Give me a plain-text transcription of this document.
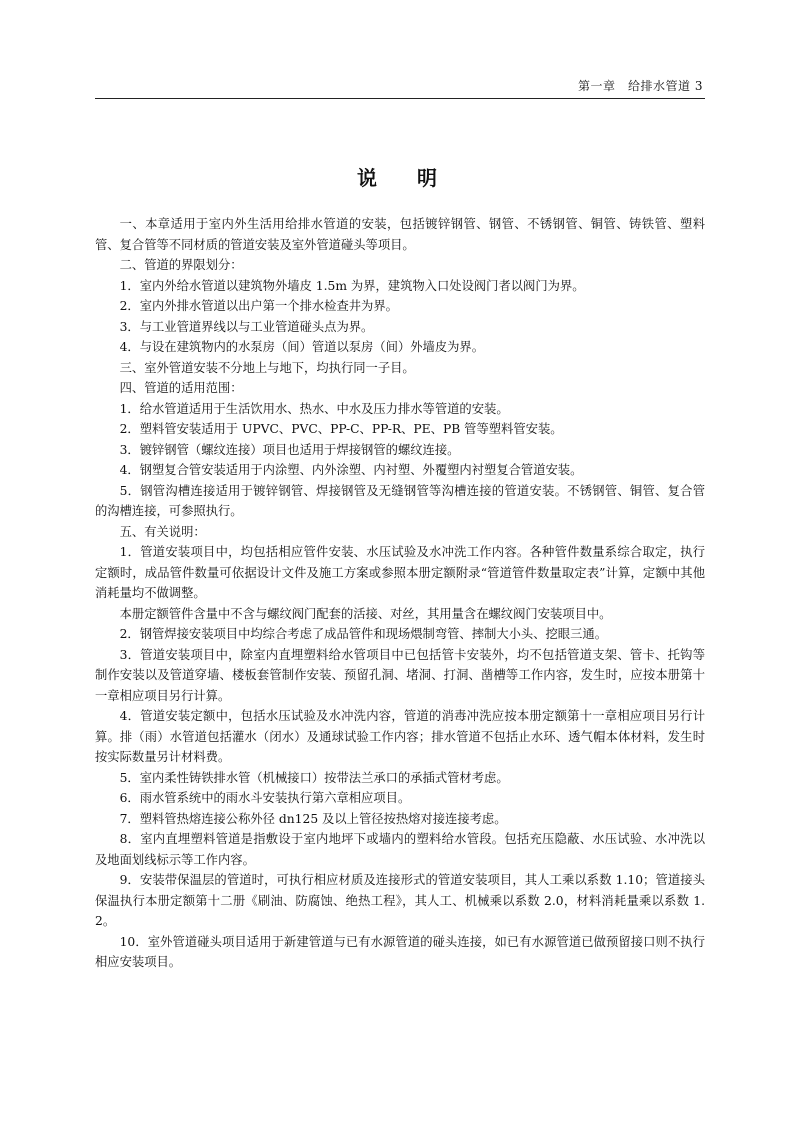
第一章　给排水管道 3
说 明

一、本章适用于室内外生活用给排水管道的安装，包括镀锌钢管、钢管、不锈钢管、铜管、铸铁管、塑料管、复合管等不同材质的管道安装及室外管道碰头等项目。

二、管道的界限划分：

1．室内外给水管道以建筑物外墙皮 1.5m 为界，建筑物入口处设阀门者以阀门为界。

2．室内外排水管道以出户第一个排水检查井为界。

3．与工业管道界线以与工业管道碰头点为界。

4．与设在建筑物内的水泵房（间）管道以泵房（间）外墙皮为界。

三、室外管道安装不分地上与地下，均执行同一子目。

四、管道的适用范围：

1．给水管道适用于生活饮用水、热水、中水及压力排水等管道的安装。

2．塑料管安装适用于 UPVC、PVC、PP-C、PP-R、PE、PB 管等塑料管安装。

3．镀锌钢管（螺纹连接）项目也适用于焊接钢管的螺纹连接。

4．钢塑复合管安装适用于内涂塑、内外涂塑、内衬塑、外覆塑内衬塑复合管道安装。

5．钢管沟槽连接适用于镀锌钢管、焊接钢管及无缝钢管等沟槽连接的管道安装。不锈钢管、铜管、复合管的沟槽连接，可参照执行。

五、有关说明：

1．管道安装项目中，均包括相应管件安装、水压试验及水冲洗工作内容。各种管件数量系综合取定，执行定额时，成品管件数量可依据设计文件及施工方案或参照本册定额附录“管道管件数量取定表”计算，定额中其他消耗量均不做调整。

本册定额管件含量中不含与螺纹阀门配套的活接、对丝，其用量含在螺纹阀门安装项目中。

2．钢管焊接安装项目中均综合考虑了成品管件和现场煨制弯管、摔制大小头、挖眼三通。

3．管道安装项目中，除室内直埋塑料给水管项目中已包括管卡安装外，均不包括管道支架、管卡、托钩等制作安装以及管道穿墙、楼板套管制作安装、预留孔洞、堵洞、打洞、凿槽等工作内容，发生时，应按本册第十一章相应项目另行计算。

4．管道安装定额中，包括水压试验及水冲洗内容，管道的消毒冲洗应按本册定额第十一章相应项目另行计算。排（雨）水管道包括灌水（闭水）及通球试验工作内容；排水管道不包括止水环、透气帽本体材料，发生时按实际数量另计材料费。

5．室内柔性铸铁排水管（机械接口）按带法兰承口的承插式管材考虑。

6．雨水管系统中的雨水斗安装执行第六章相应项目。

7．塑料管热熔连接公称外径 dn125 及以上管径按热熔对接连接考虑。

8．室内直埋塑料管道是指敷设于室内地坪下或墙内的塑料给水管段。包括充压隐蔽、水压试验、水冲洗以及地面划线标示等工作内容。

9．安装带保温层的管道时，可执行相应材质及连接形式的管道安装项目，其人工乘以系数 1.10；管道接头保温执行本册定额第十二册《刷油、防腐蚀、绝热工程》，其人工、机械乘以系数 2.0，材料消耗量乘以系数 1.2。

10．室外管道碰头项目适用于新建管道与已有水源管道的碰头连接，如已有水源管道已做预留接口则不执行相应安装项目。
